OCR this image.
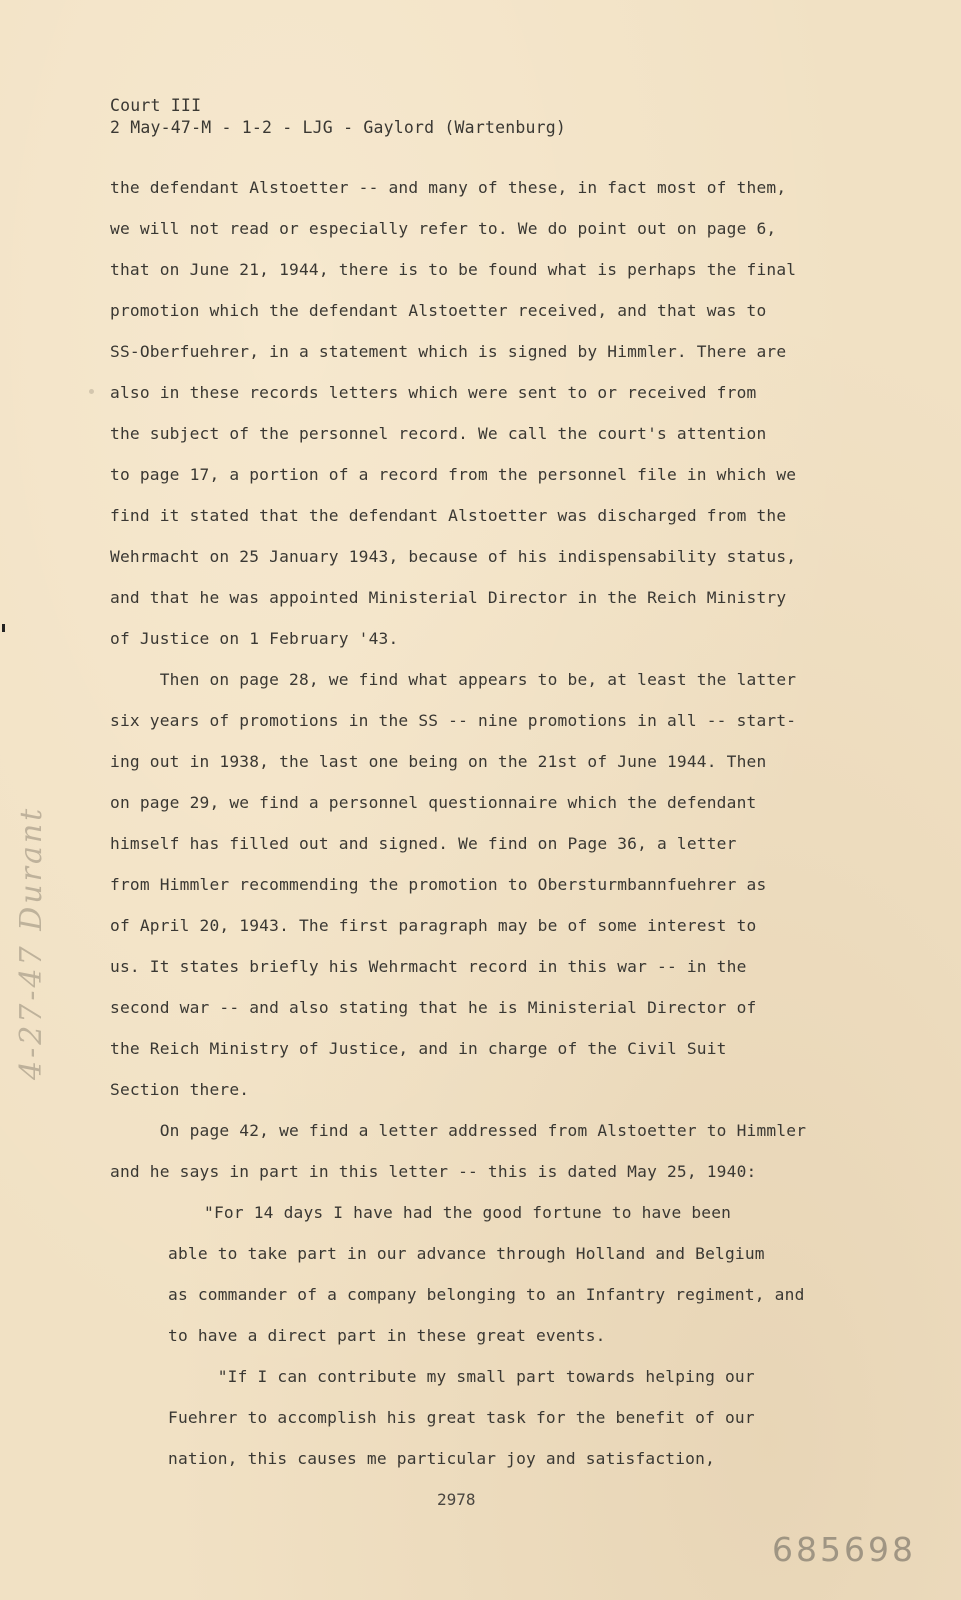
Court III
2 May-47-M - 1-2 - LJG - Gaylord (Wartenburg)
the defendant Alstoetter -- and many of these, in fact most of them,
we will not read or especially refer to. We do point out on page 6,
that on June 21, 1944, there is to be found what is perhaps the final
promotion which the defendant Alstoetter received, and that was to
SS-Oberfuehrer, in a statement which is signed by Himmler. There are
also in these records letters which were sent to or received from
the subject of the personnel record. We call the court's attention
to page 17, a portion of a record from the personnel file in which we
find it stated that the defendant Alstoetter was discharged from the
Wehrmacht on 25 January 1943, because of his indispensability status,
and that he was appointed Ministerial Director in the Reich Ministry
of Justice on 1 February '43.
Then on page 28, we find what appears to be, at least the latter
six years of promotions in the SS -- nine promotions in all -- start-
ing out in 1938, the last one being on the 21st of June 1944. Then
on page 29, we find a personnel questionnaire which the defendant
himself has filled out and signed. We find on Page 36, a letter
from Himmler recommending the promotion to Obersturmbannfuehrer as
of April 20, 1943. The first paragraph may be of some interest to
us. It states briefly his Wehrmacht record in this war -- in the
second war -- and also stating that he is Ministerial Director of
the Reich Ministry of Justice, and in charge of the Civil Suit
Section there.
On page 42, we find a letter addressed from Alstoetter to Himmler
and he says in part in this letter -- this is dated May 25, 1940:
"For 14 days I have had the good fortune to have been
able to take part in our advance through Holland and Belgium
as commander of a company belonging to an Infantry regiment, and
to have a direct part in these great events.
"If I can contribute my small part towards helping our
Fuehrer to accomplish his great task for the benefit of our
nation, this causes me particular joy and satisfaction,
2978
4-27-47 Durant
685698
